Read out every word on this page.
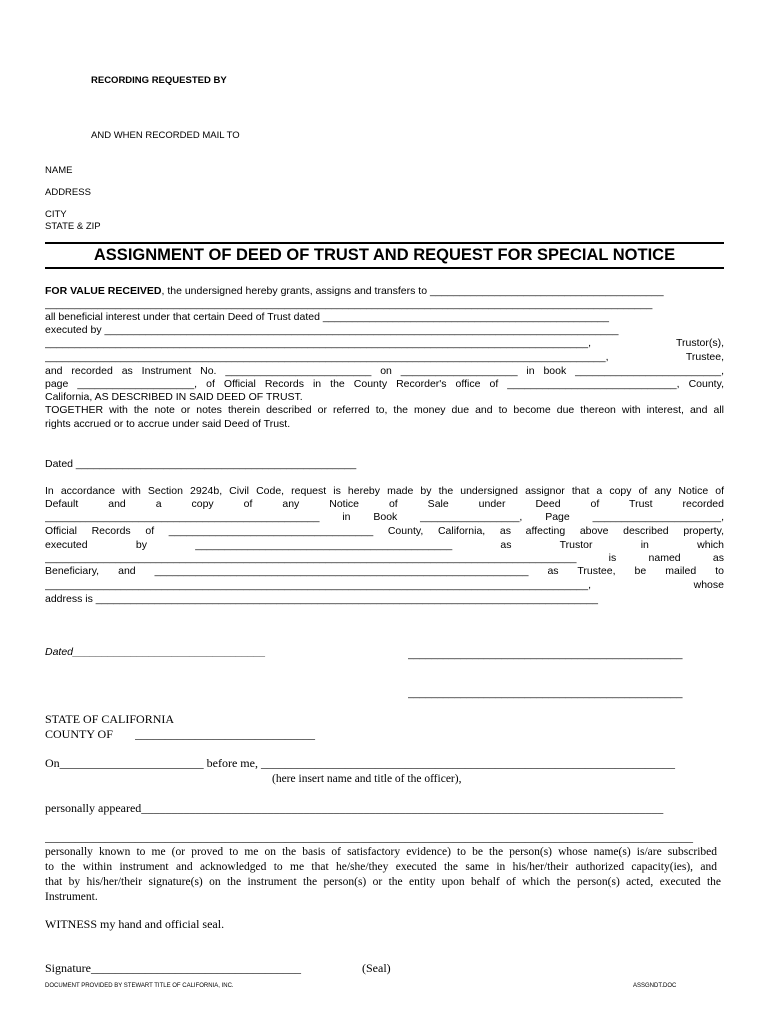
RECORDING REQUESTED BY
AND WHEN RECORDED MAIL TO
NAME
ADDRESS
CITY
STATE & ZIP
ASSIGNMENT OF DEED OF TRUST AND REQUEST FOR SPECIAL NOTICE
FOR VALUE RECEIVED, the undersigned hereby grants, assigns and transfers to ________________________________________
________________________________________________________________________________________________________
all beneficial interest under that certain Deed of Trust dated _________________________________________________
executed by ________________________________________________________________________________________
_____________________________________________________________________________________________, Trustor(s),
________________________________________________________________________________________________, Trustee,
and recorded as Instrument No. _________________________ on ____________________ in book _________________________,
page ____________________, of Official Records in the County Recorder's office of _____________________________, County,
California, AS DESCRIBED IN SAID DEED OF TRUST.
TOGETHER with the note or notes therein described or referred to, the money due and to become due thereon with interest, and all
rights accrued or to accrue under said Deed of Trust.
Dated ________________________________________________
In accordance with Section 2924b, Civil Code, request is hereby made by the undersigned assignor that a copy of any Notice of
Default and a copy of any Notice of Sale under Deed of Trust recorded
_______________________________________________ in Book _________________, Page ______________________,
Official Records of ___________________________________ County, California, as affecting above described property,
executed by ____________________________________________ as Trustor in which
___________________________________________________________________________________________ is named as
Beneficiary, and ________________________________________________________________ as Trustee, be mailed to
_____________________________________________________________________________________________, whose
address is ______________________________________________________________________________________
Dated_________________________________	_______________________________________________
_______________________________________________
STATE OF CALIFORNIA
COUNTY OF ______________________________
On________________________ before me, _____________________________________________________________________
(here insert name and title of the officer),
personally appeared_______________________________________________________________________________________
____________________________________________________________________________________________________________
personally known to me (or proved to me on the basis of satisfactory evidence) to be the person(s) whose name(s) is/are subscribed
to the within instrument and acknowledged to me that he/she/they executed the same in his/her/their authorized capacity(ies), and
that by his/her/their signature(s) on the instrument the person(s) or the entity upon behalf of which the person(s) acted, executed the
Instrument.
WITNESS my hand and official seal.
Signature___________________________________	(Seal)
DOCUMENT PROVIDED BY STEWART TITLE OF CALIFORNIA, INC.	ASSGNDT.DOC
